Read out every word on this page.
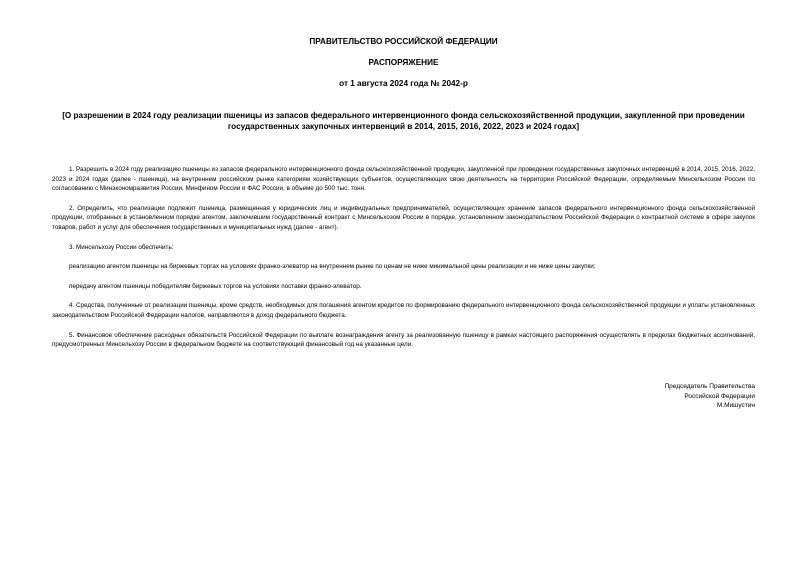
ПРАВИТЕЛЬСТВО РОССИЙСКОЙ ФЕДЕРАЦИИ
РАСПОРЯЖЕНИЕ
от 1 августа 2024 года № 2042-р
[О разрешении в 2024 году реализации пшеницы из запасов федерального интервенционного фонда сельскохозяйственной продукции, закупленной при проведении государственных закупочных интервенций в 2014, 2015, 2016, 2022, 2023 и 2024 годах]

1. Разрешить в 2024 году реализацию пшеницы из запасов федерального интервенционного фонда сельскохозяйственной продукции, закупленной при проведении государственных закупочных интервенций в 2014, 2015, 2016, 2022, 2023 и 2024 годах (далее - пшеница), на внутреннем российском рынке категориям хозяйствующих субъектов, осуществляющих свою деятельность на территории Российской Федерации, определяемым Минсельхозом России по согласованию с Минэкономразвития России, Минфином России и ФАС России, в объеме до 500 тыс. тонн.

2. Определить, что реализации подлежит пшеница, размещенная у юридических лиц и индивидуальных предпринимателей, осуществляющих хранение запасов федерального интервенционного фонда сельскохозяйственной продукции, отобранных в установленном порядке агентом, заключившим государственный контракт с Минсельхозом России в порядке, установленном законодательством Российской Федерации о контрактной системе в сфере закупок товаров, работ и услуг для обеспечения государственных и муниципальных нужд (далее - агент).

3. Минсельхозу России обеспечить:

реализацию агентом пшеницы на биржевых торгах на условиях франко-элеватор на внутреннем рынке по ценам не ниже минимальной цены реализации и не ниже цены закупки;

передачу агентом пшеницы победителям биржевых торгов на условиях поставки франко-элеватор.

4. Средства, полученные от реализации пшеницы, кроме средств, необходимых для погашения агентом кредитов по формированию федерального интервенционного фонда сельскохозяйственной продукции и уплаты установленных законодательством Российской Федерации налогов, направляются в доход федерального бюджета.

5. Финансовое обеспечение расходных обязательств Российской Федерации по выплате вознаграждения агенту за реализованную пшеницу в рамках настоящего распоряжения осуществлять в пределах бюджетных ассигнований, предусмотренных Минсельхозу России в федеральном бюджете на соответствующий финансовый год на указанные цели.

Председатель Правительства
Российской Федерации
М.Мишустин
